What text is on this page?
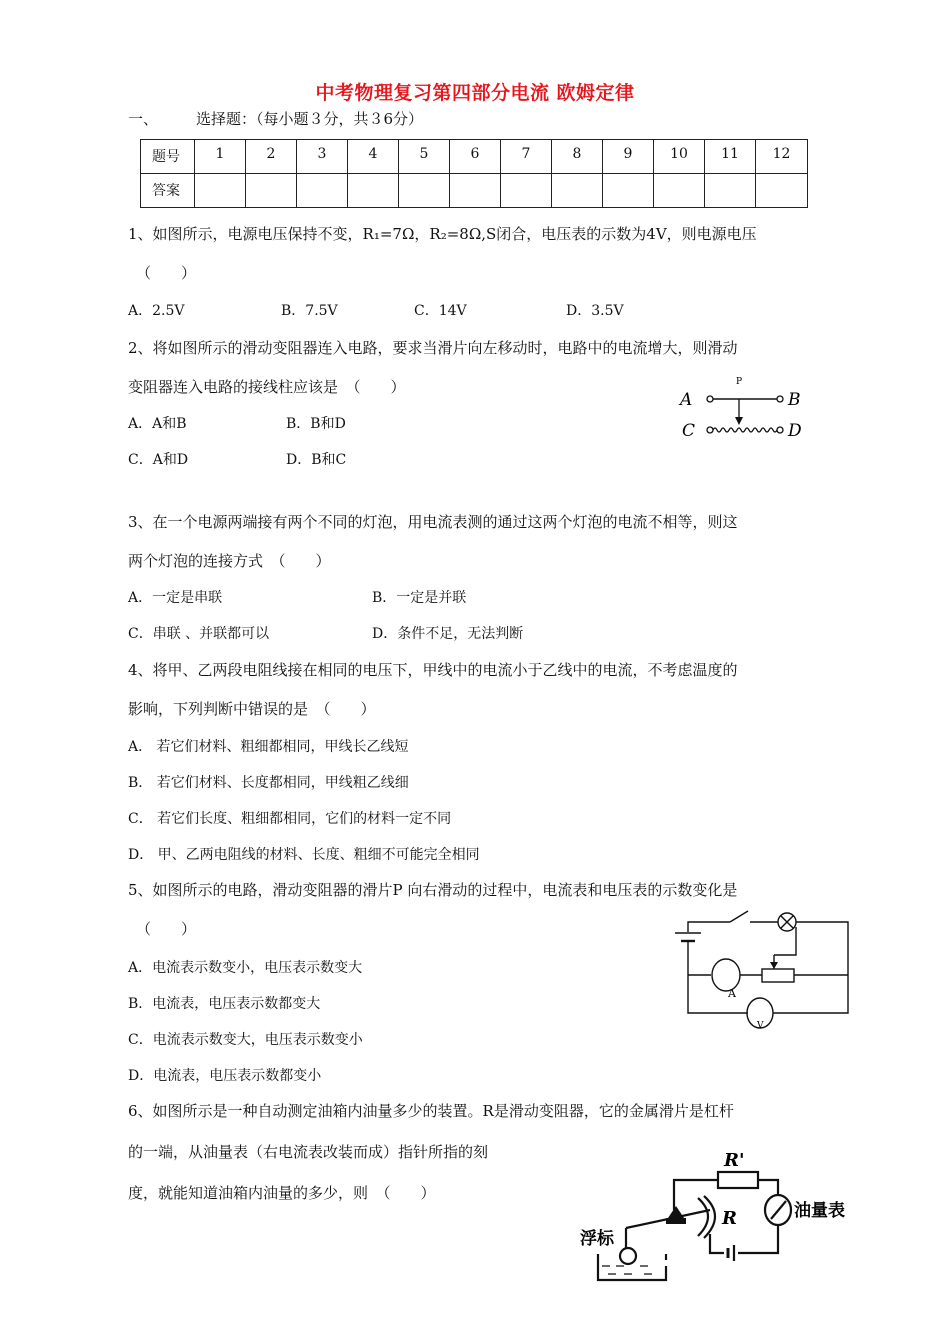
中考物理复习第四部分电流 欧姆定律
一、	选择题：（每小题３分，共３6分）
题号	1	2	3	4	5	6	7	8	9	10	11	12
答案												
1、如图所示，电源电压保持不变，R₁=7Ω，R₂=8Ω,S闭合，电压表的示数为4V，则电源电压
（　　）
A．2.5V	B．7.5V	C．14V	D．3.5V
2、将如图所示的滑动变阻器连入电路，要求当滑片向左移动时，电路中的电流增大，则滑动
变阻器连入电路的接线柱应该是　（　　）
A．A和B	B．B和D
C．A和D	D．B和C
P
A	B
C	D
3、在一个电源两端接有两个不同的灯泡，用电流表测的通过这两个灯泡的电流不相等，则这
两个灯泡的连接方式　（　　）
A．一定是串联	B．一定是并联
C．串联 、并联都可以	D．条件不足，无法判断
4、将甲、乙两段电阻线接在相同的电压下，甲线中的电流小于乙线中的电流，不考虑温度的
影响，下列判断中错误的是　（　　）
A． 若它们材料、粗细都相同，甲线长乙线短
B． 若它们材料、长度都相同，甲线粗乙线细
C． 若它们长度、粗细都相同，它们的材料一定不同
D． 甲、乙两电阻线的材料、长度、粗细不可能完全相同
5、如图所示的电路，滑动变阻器的滑片P 向右滑动的过程中，电流表和电压表的示数变化是
（　　）
A．电流表示数变小，电压表示数变大
B．电流表，电压表示数都变大
C．电流表示数变大，电压表示数变小
D．电流表，电压表示数都变小
A
V
6、如图所示是一种自动测定油箱内油量多少的装置。R是滑动变阻器，它的金属滑片是杠杆
的一端，从油量表（右电流表改装而成）指针所指的刻
度，就能知道油箱内油量的多少，则　（　　）
R'
R	油量表
浮标
